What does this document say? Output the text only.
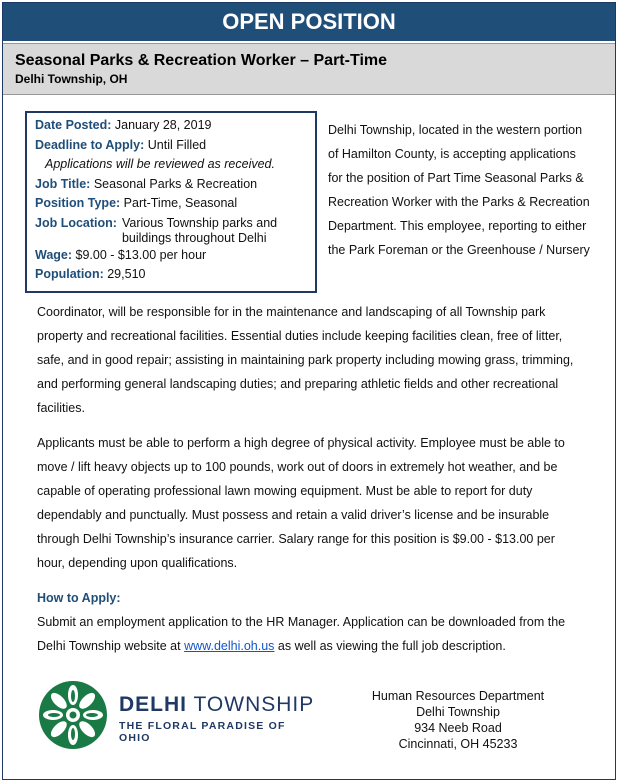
OPEN POSITION
Seasonal Parks & Recreation Worker – Part-Time
Delhi Township, OH
Date Posted: January 28, 2019
Deadline to Apply: Until Filled
Applications will be reviewed as received.
Job Title: Seasonal Parks & Recreation
Position Type: Part-Time, Seasonal
Job Location: Various Township parks and buildings throughout Delhi
Wage: $9.00 - $13.00 per hour
Population: 29,510
Delhi Township, located in the western portion of Hamilton County, is accepting applications for the position of Part Time Seasonal Parks & Recreation Worker with the Parks & Recreation Department. This employee, reporting to either the Park Foreman or the Greenhouse / Nursery
Coordinator, will be responsible for in the maintenance and landscaping of all Township park property and recreational facilities. Essential duties include keeping facilities clean, free of litter, safe, and in good repair; assisting in maintaining park property including mowing grass, trimming, and performing general landscaping duties; and preparing athletic fields and other recreational facilities.
Applicants must be able to perform a high degree of physical activity. Employee must be able to move / lift heavy objects up to 100 pounds, work out of doors in extremely hot weather, and be capable of operating professional lawn mowing equipment. Must be able to report for duty dependably and punctually. Must possess and retain a valid driver’s license and be insurable through Delhi Township’s insurance carrier. Salary range for this position is $9.00 - $13.00 per hour, depending upon qualifications.
How to Apply:
Submit an employment application to the HR Manager. Application can be downloaded from the Delhi Township website at www.delhi.oh.us as well as viewing the full job description.
DELHI TOWNSHIP
THE FLORAL PARADISE OF OHIO
Human Resources Department
Delhi Township
934 Neeb Road
Cincinnati, OH 45233
